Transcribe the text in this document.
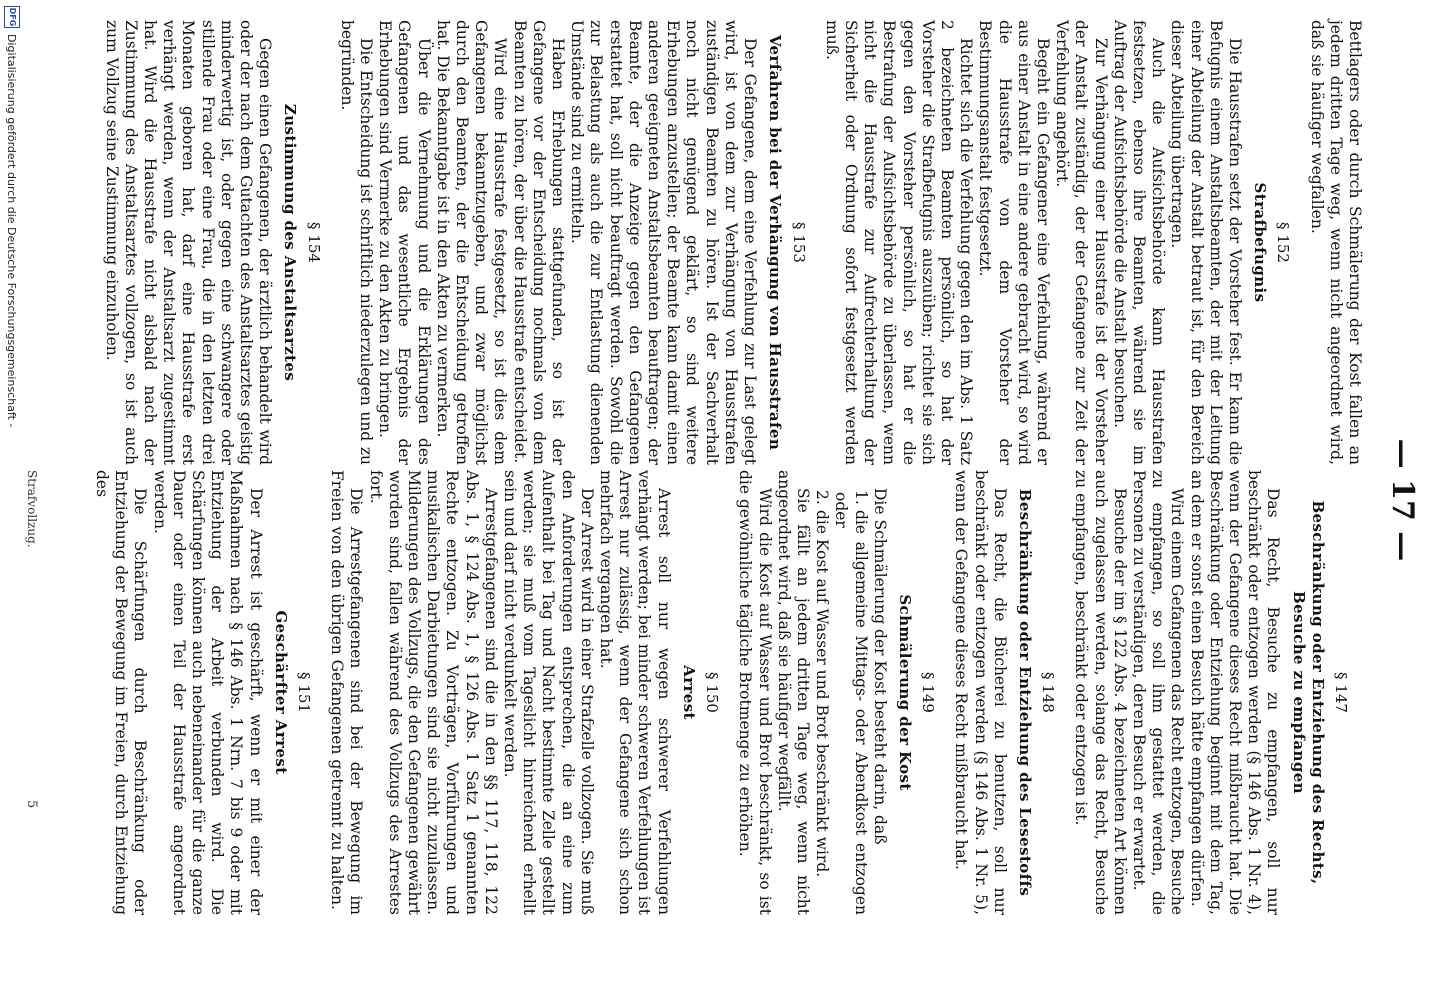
— 17 —
§ 147
Beschränkung oder Entziehung des Rechts, Besuche zu empfangen

Das Recht, Besuche zu empfangen, soll nur beschränkt oder entzogen werden (§ 146 Abs. 1 Nr. 4), wenn der Gefangene dieses Recht mißbraucht hat. Die Beschränkung oder Entziehung beginnt mit dem Tag, an dem er sonst einen Besuch hätte empfangen dürfen.

Wird einem Gefangenen das Recht entzogen, Besuche zu empfangen, so soll ihm gestattet werden, die Personen zu verständigen, deren Besuch er erwartet.

Besuche der im § 122 Abs. 4 bezeichneten Art können auch zugelassen werden, solange das Recht, Besuche zu empfangen, beschränkt oder entzogen ist.

§ 148
Beschränkung oder Entziehung des Lesestoffs

Das Recht, die Bücherei zu benutzen, soll nur beschränkt oder entzogen werden (§ 146 Abs. 1 Nr. 5), wenn der Gefangene dieses Recht mißbraucht hat.

§ 149
Schmälerung der Kost

Die Schmälerung der Kost besteht darin, daß

1.
die allgemeine Mittags- oder Abendkost entzogen oder

2.
die Kost auf Wasser und Brot beschränkt wird.

Sie fällt an jedem dritten Tage weg, wenn nicht angeordnet wird, daß sie häufiger wegfällt.

Wird die Kost auf Wasser und Brot beschränkt, so ist die gewöhnliche tägliche Brotmenge zu erhöhen.

§ 150
Arrest

Arrest soll nur wegen schwerer Verfehlungen verhängt werden; bei minder schweren Verfehlungen ist Arrest nur zulässig, wenn der Gefangene sich schon mehrfach vergangen hat.

Der Arrest wird in einer Strafzelle vollzogen. Sie muß den Anforderungen entsprechen, die an eine zum Aufenthalt bei Tag und Nacht bestimmte Zelle gestellt werden; sie muß vom Tageslicht hinreichend erhellt sein und darf nicht verdunkelt werden.

Arrestgefangenen sind die in den §§ 117, 118, 122 Abs. 1, § 124 Abs. 1, § 126 Abs. 1 Satz 1 genannten Rechte entzogen. Zu Vorträgen, Vorführungen und musikalischen Darbietungen sind sie nicht zuzulassen. Milderungen des Vollzugs, die den Gefangenen gewährt worden sind, fallen während des Vollzugs des Arrestes fort.

Die Arrestgefangenen sind bei der Bewegung im Freien von den übrigen Gefangenen getrennt zu halten.

§ 151
Geschärfter Arrest

Der Arrest ist geschärft, wenn er mit einer der Maßnahmen nach § 146 Abs. 1 Nrn. 7 bis 9 oder mit Entziehung der Arbeit verbunden wird. Die Schärfungen können auch nebeneinander für die ganze Dauer oder einen Teil der Hausstrafe angeordnet werden.

Die Schärfungen durch Beschränkung oder Entziehung der Bewegung im Freien, durch Entziehung des

Strafvollzug.

Bettlagers oder durch Schmälerung der Kost fallen an jedem dritten Tage weg, wenn nicht angeordnet wird, daß sie häufiger wegfallen.

§ 152
Strafbefugnis

Die Hausstrafen setzt der Vorsteher fest. Er kann die Befugnis einem Anstaltsbeamten, der mit der Leitung einer Abteilung der Anstalt betraut ist, für den Bereich dieser Abteilung übertragen.

Auch die Aufsichtsbehörde kann Hausstrafen festsetzen, ebenso ihre Beamten, während sie im Auftrag der Aufsichtsbehörde die Anstalt besuchen.

Zur Verhängung einer Hausstrafe ist der Vorsteher der Anstalt zuständig, der der Gefangene zur Zeit der Verfehlung angehört.

Begeht ein Gefangener eine Verfehlung, während er aus einer Anstalt in eine andere gebracht wird, so wird die Hausstrafe von dem Vorsteher der Bestimmungsanstalt festgesetzt.

Richtet sich die Verfehlung gegen den im Abs. 1 Satz 2 bezeichneten Beamten persönlich, so hat der Vorsteher die Strafbefugnis auszuüben; richtet sie sich gegen den Vorsteher persönlich, so hat er die Bestrafung der Aufsichtsbehörde zu überlassen, wenn nicht die Hausstrafe zur Aufrechterhaltung der Sicherheit oder Ordnung sofort festgesetzt werden muß.

§ 153
Verfahren bei der Verhängung von Hausstrafen

Der Gefangene, dem eine Verfehlung zur Last gelegt wird, ist von dem zur Verhängung von Hausstrafen zuständigen Beamten zu hören. Ist der Sachverhalt noch nicht genügend geklärt, so sind weitere Erhebungen anzustellen; der Beamte kann damit einen anderen geeigneten Anstaltsbeamten beauftragen; der Beamte, der die Anzeige gegen den Gefangenen erstattet hat, soll nicht beauftragt werden. Sowohl die zur Belastung als auch die zur Entlastung dienenden Umstände sind zu ermitteln.

Haben Erhebungen stattgefunden, so ist der Gefangene vor der Entscheidung nochmals von dem Beamten zu hören, der über die Hausstrafe entscheidet.

Wird eine Hausstrafe festgesetzt, so ist dies dem Gefangenen bekanntzugeben, und zwar möglichst durch den Beamten, der die Entscheidung getroffen hat. Die Bekanntgabe ist in den Akten zu vermerken.

Über die Vernehmung und die Erklärungen des Gefangenen und das wesentliche Ergebnis der Erhebungen sind Vermerke zu den Akten zu bringen.

Die Entscheidung ist schriftlich niederzulegen und zu begründen.

§ 154
Zustimmung des Anstaltsarztes

Gegen einen Gefangenen, der ärztlich behandelt wird oder der nach dem Gutachten des Anstaltsarztes geistig minderwertig ist, oder gegen eine schwangere oder stillende Frau oder eine Frau, die in den letzten drei Monaten geboren hat, darf eine Hausstrafe erst verhängt werden, wenn der Anstaltsarzt zugestimmt hat. Wird die Hausstrafe nicht alsbald nach der Zustimmung des Anstaltsarztes vollzogen, so ist auch zum Vollzug seine Zustimmung einzuholen.

5
DFG
Digitalisierung gefördert durch die Deutsche Forschungsgemeinschaft -
